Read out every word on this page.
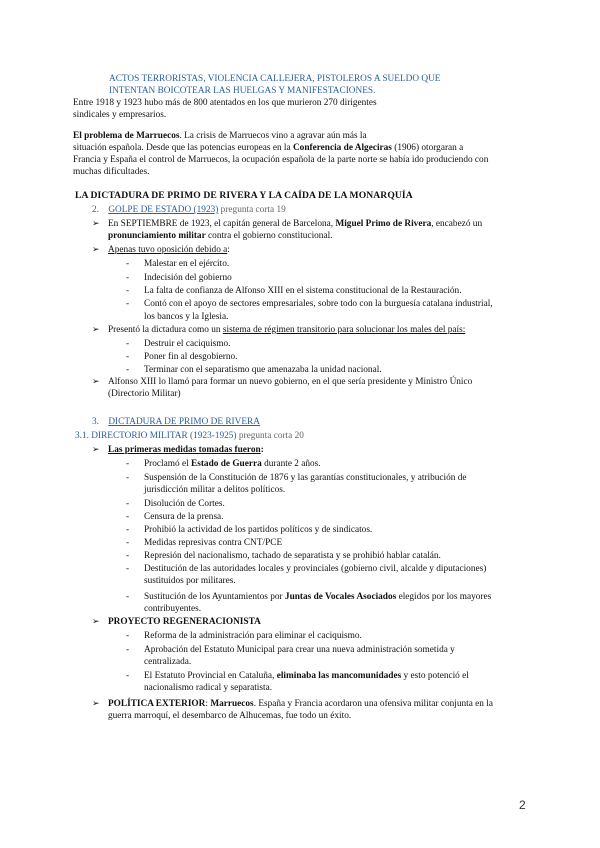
ACTOS TERRORISTAS, VIOLENCIA CALLEJERA, PISTOLEROS A SUELDO QUE
INTENTAN BOICOTEAR LAS HUELGAS Y MANIFESTACIONES.
Entre 1918 y 1923 hubo más de 800 atentados en los que murieron 270 dirigentes
sindicales y empresarios.
El problema de Marruecos. La crisis de Marruecos vino a agravar aún más la
situación española. Desde que las potencias europeas en la Conferencia de Algeciras (1906) otorgaran a
Francia y España el control de Marruecos, la ocupación española de la parte norte se había ido produciendo con
muchas dificultades.
LA DICTADURA DE PRIMO DE RIVERA Y LA CAÍDA DE LA MONARQUÍA
2. GOLPE DE ESTADO (1923) pregunta corta 19
➢ En SEPTIEMBRE de 1923, el capitán general de Barcelona, Miguel Primo de Rivera, encabezó un
pronunciamiento militar contra el gobierno constitucional.
➢ Apenas tuvo oposición debido a:
- Malestar en el ejército.
- Indecisión del gobierno
- La falta de confianza de Alfonso XIII en el sistema constitucional de la Restauración.
- Contó con el apoyo de sectores empresariales, sobre todo con la burguesía catalana industrial,
los bancos y la Iglesia.
➢ Presentó la dictadura como un sistema de régimen transitorio para solucionar los males del país:
- Destruir el caciquismo.
- Poner fin al desgobierno.
- Terminar con el separatismo que amenazaba la unidad nacional.
➢ Alfonso XIII lo llamó para formar un nuevo gobierno, en el que sería presidente y Ministro Único
(Directorio Militar)
3. DICTADURA DE PRIMO DE RIVERA
3.1. DIRECTORIO MILITAR (1923-1925) pregunta corta 20
➢ Las primeras medidas tomadas fueron:
- Proclamó el Estado de Guerra durante 2 años.
- Suspensión de la Constitución de 1876 y las garantías constitucionales, y atribución de
jurisdicción militar a delitos políticos.
- Disolución de Cortes.
- Censura de la prensa.
- Prohibió la actividad de los partidos políticos y de sindicatos.
- Medidas represivas contra CNT/PCE
- Represión del nacionalismo, tachado de separatista y se prohibió hablar catalán.
- Destitución de las autoridades locales y provinciales (gobierno civil, alcalde y diputaciones)
sustituidos por militares.
- Sustitución de los Ayuntamientos por Juntas de Vocales Asociados elegidos por los mayores
contribuyentes.
➢ PROYECTO REGENERACIONISTA
- Reforma de la administración para eliminar el caciquismo.
- Aprobación del Estatuto Municipal para crear una nueva administración sometida y
centralizada.
- El Estatuto Provincial en Cataluña, eliminaba las mancomunidades y esto potenció el
nacionalismo radical y separatista.
➢ POLÍTICA EXTERIOR: Marruecos. España y Francia acordaron una ofensiva militar conjunta en la
guerra marroquí, el desembarco de Alhucemas, fue todo un éxito.
2
